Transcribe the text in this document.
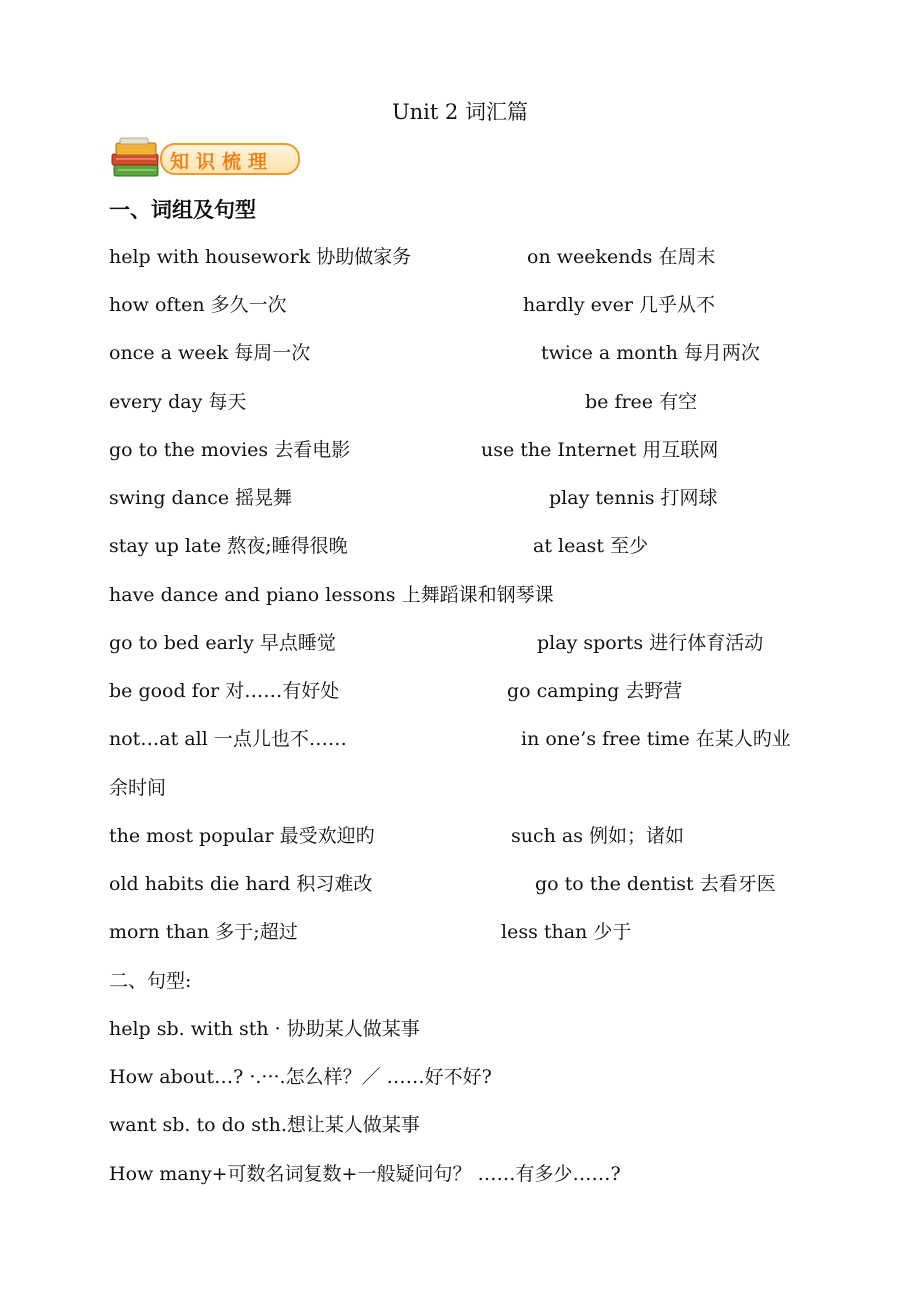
Unit 2 词汇篇
知识梳理
一、词组及句型
help with housework 协助做家务	on weekends 在周末
how often 多久一次	hardly ever 几乎从不
once a week 每周一次	twice a month 每月两次
every day 每天	be free 有空
go to the movies 去看电影	use the Internet 用互联网
swing dance 摇晃舞	play tennis 打网球
stay up late 熬夜;睡得很晚	at least 至少
have dance and piano lessons 上舞蹈课和钢琴课
go to bed early 早点睡觉	play sports 进行体育活动
be good for 对……有好处	go camping 去野营
not…at all 一点儿也不……	in one’s free time 在某人旳业
余时间
the most popular 最受欢迎旳	such as 例如；诸如
old habits die hard 积习难改	go to the dentist 去看牙医
morn than 多于;超过	less than 少于
二、句型:
help sb. with sth · 协助某人做某事
How about…? ·.···.怎么样？／ ……好不好?
want sb. to do sth.想让某人做某事
How many+可数名词复数+一般疑问句？ ……有多少……?
